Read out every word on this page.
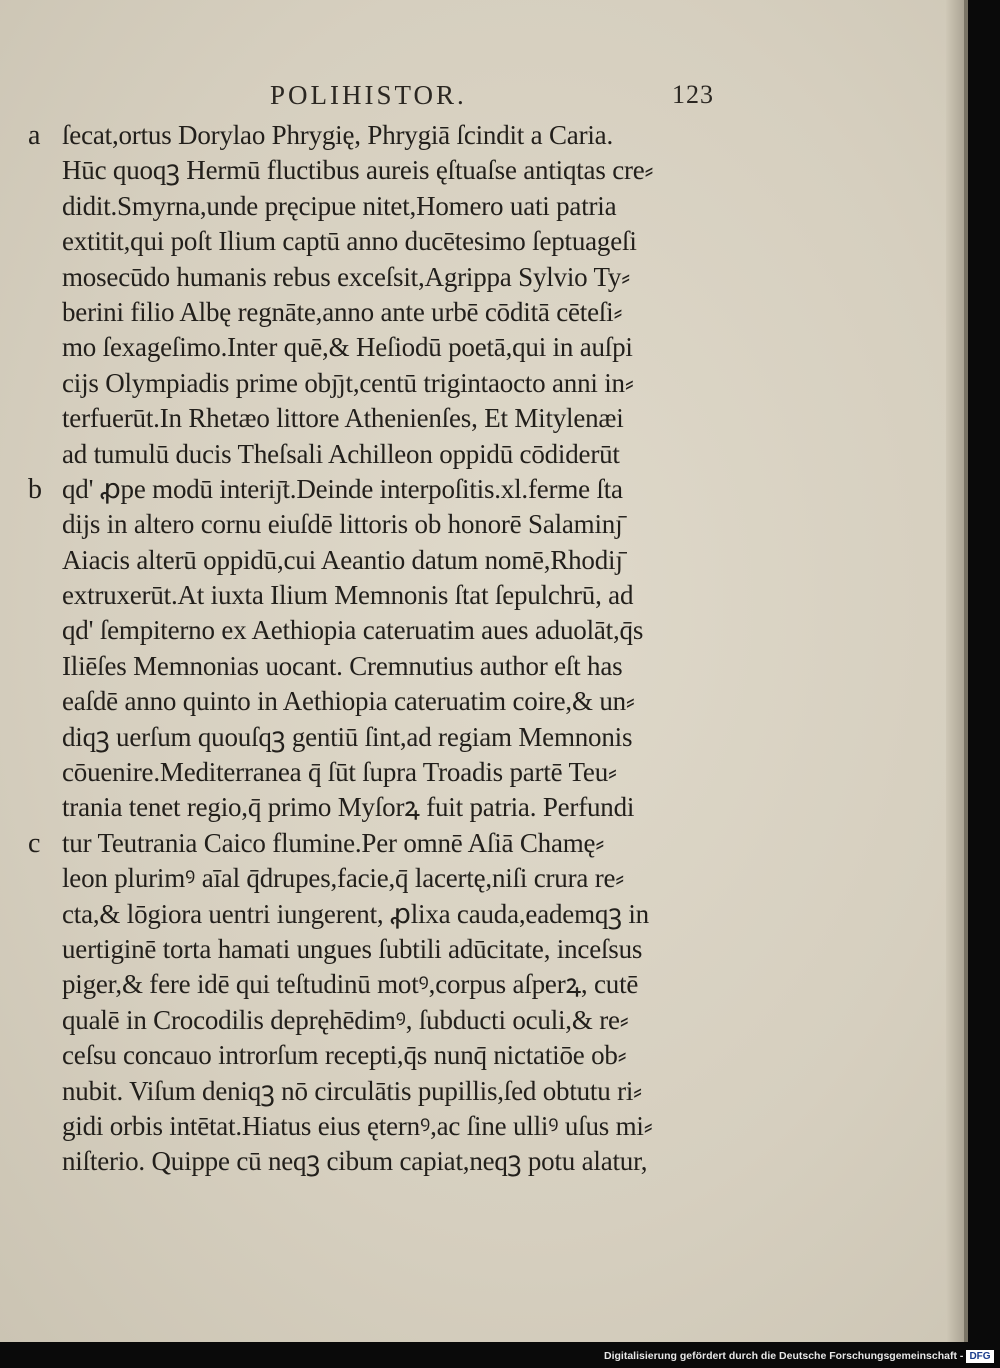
POLIHISTOR.	123
a ſecat,ortus Dorylao Phrygię, Phrygiā ſcindit a Caria.
Hūc quoqꝫ Hermū fluctibus aureis ęſtuaſse antiqtas cre⸗
didit.Smyrna,unde pręcipue nitet,Homero uati patria
extitit,qui poſt Ilium captū anno ducētesimo ſeptuageſi
mosecūdo humanis rebus exceſsit,Agrippa Sylvio Ty⸗
berini filio Albę regnāte,anno ante urbē cōditā cēteſi⸗
mo ſexageſimo.Inter quē,& Heſiodū poetā,qui in auſpi
ciјs Olympiadis prime obȷ̄ȷt,centū trigintaocto anni in⸗
terfuerūt.In Rhetæo littore Athenienſes, Et Mitylenæi
ad tumulū ducis Theſsali Achilleon oppidū cōdiderūt
b qd' ꝓpe modū interiȷ̄t.Deinde interpoſitis.xl.ferme ſta
diјs in altero cornu eiuſdē littoris ob honorē Salaminȷ̄
Aiacis alterū oppidū,cui Aeantio datum nomē,Rhodiȷ̄
extruxerūt.At iuxta Ilium Memnonis ſtat ſepulchrū, ad
qd' ſempiterno ex Aethiopia cateruatim aues aduolāt,q̄s
Iliēſes Memnonias uocant. Cremnutius author eſt has
eaſdē anno quinto in Aethiopia cateruatim coire,& un⸗
diqꝫ uerſum quouſqꝫ gentiū ſint,ad regiam Memnonis
cōuenire.Mediterranea q̄ ſūt ſupra Troadis partē Teu⸗
trania tenet regio,q̄ primo Myſorꝝ fuit patria. Perfundi
c tur Teutrania Caico flumine.Per omnē Aſiā Chamę⸗
leon plurimꝰ aīal q̄drupes,facie,q̄ lacertę,niſi crura re⸗
cta,& lōgiora uentri iungerent, ꝓlixa cauda,eademqꝫ in
uertiginē torta hamati ungues ſubtili adūcitate, inceſsus
piger,& fere idē qui teſtudinū motꝰ,corpus aſperꝝ, cutē
qualē in Crocodilis depręhēdimꝰ, ſubducti oculi,& re⸗
ceſsu concauo introrſum recepti,q̄s nunq̄ nictatiōe ob⸗
nubit. Viſum deniqꝫ nō circulātis pupillis,ſed obtutu ri⸗
gidi orbis intētat.Hiatus eius ęternꝰ,ac ſine ulliꝰ uſus mi⸗
niſterio. Quippe cū neqꝫ cibum capiat,neqꝫ potu alatur,
Digitalisierung gefördert durch die Deutsche Forschungsgemeinschaft - DFG
